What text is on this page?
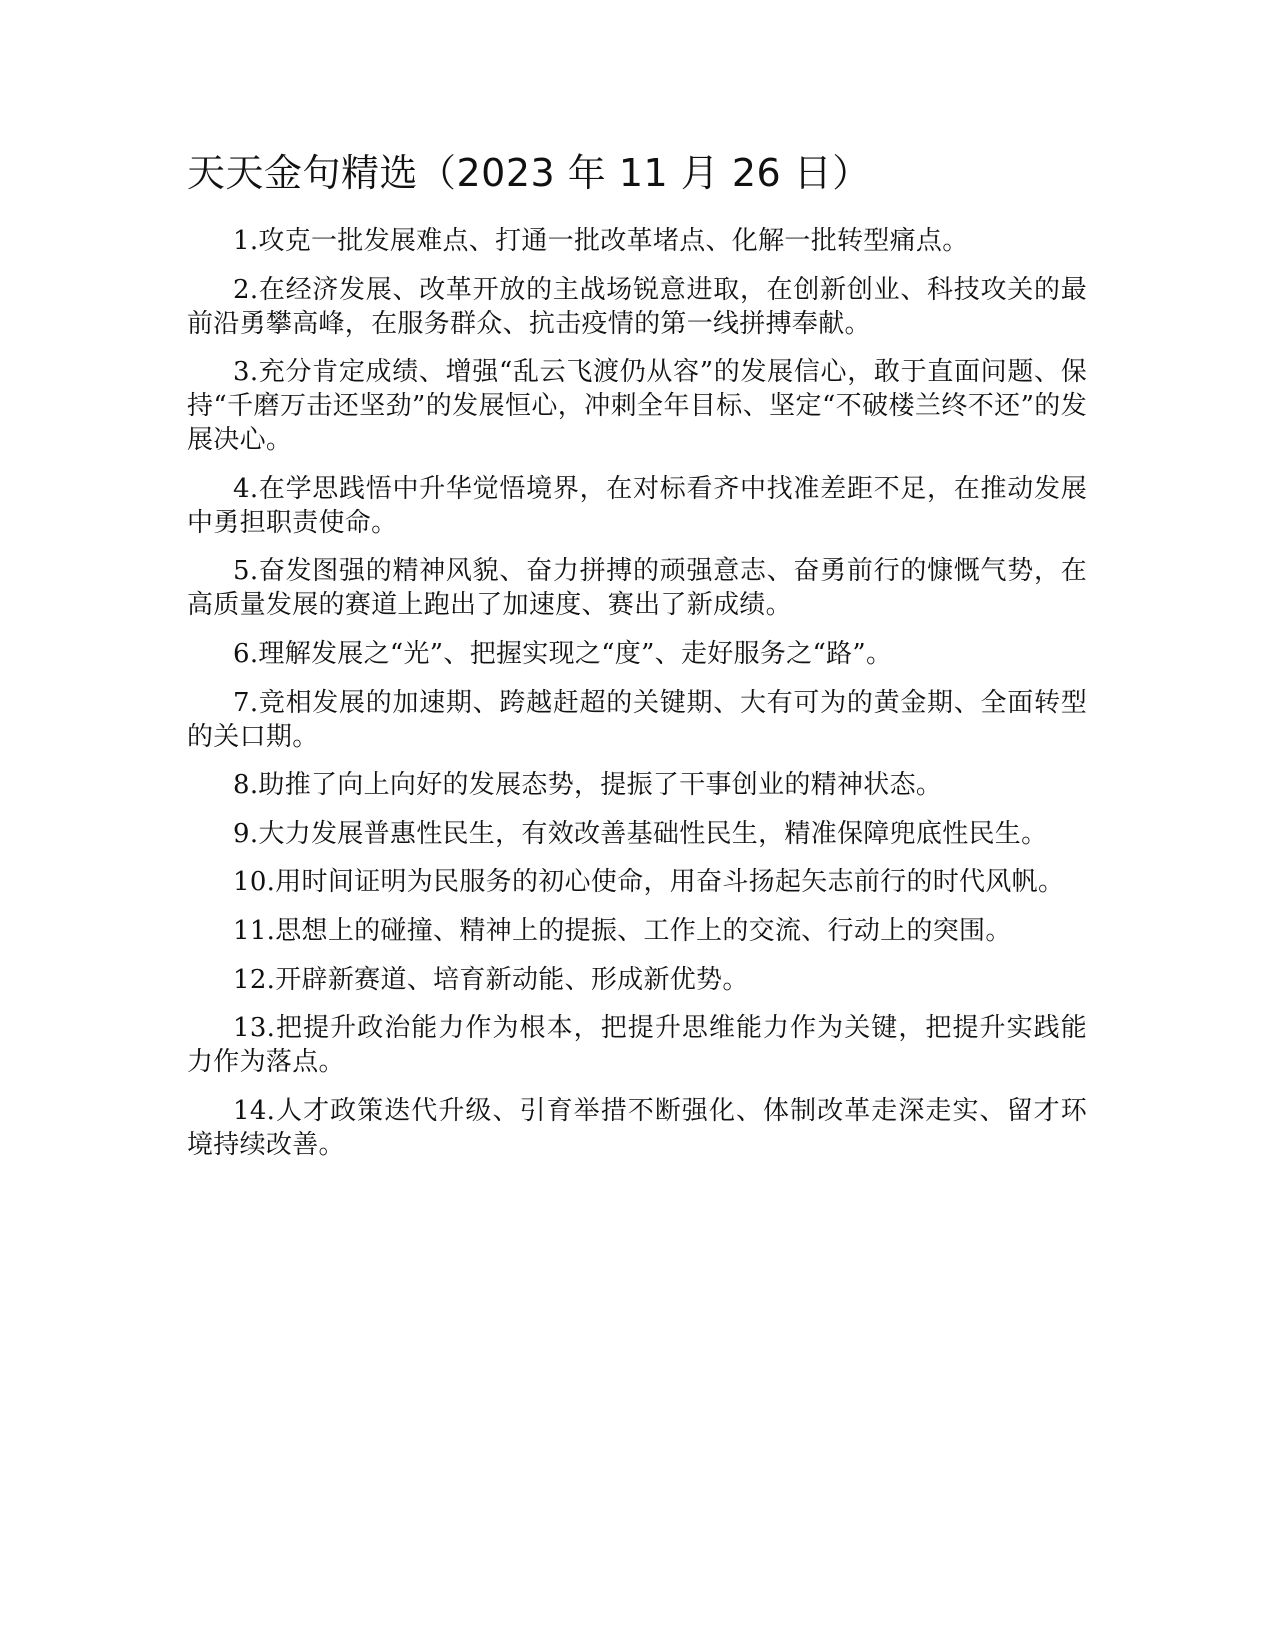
天天金句精选（2023 年 11 月 26 日）
1.攻克一批发展难点、打通一批改革堵点、化解一批转型痛点。
2.在经济发展、改革开放的主战场锐意进取，在创新创业、科技攻关的最前沿勇攀高峰，在服务群众、抗击疫情的第一线拼搏奉献。
3.充分肯定成绩、增强“乱云飞渡仍从容”的发展信心，敢于直面问题、保持“千磨万击还坚劲”的发展恒心，冲刺全年目标、坚定“不破楼兰终不还”的发展决心。
4.在学思践悟中升华觉悟境界，在对标看齐中找准差距不足，在推动发展中勇担职责使命。
5.奋发图强的精神风貌、奋力拼搏的顽强意志、奋勇前行的慷慨气势，在高质量发展的赛道上跑出了加速度、赛出了新成绩。
6.理解发展之“光”、把握实现之“度”、走好服务之“路”。
7.竞相发展的加速期、跨越赶超的关键期、大有可为的黄金期、全面转型的关口期。
8.助推了向上向好的发展态势，提振了干事创业的精神状态。
9.大力发展普惠性民生，有效改善基础性民生，精准保障兜底性民生。
10.用时间证明为民服务的初心使命，用奋斗扬起矢志前行的时代风帆。
11.思想上的碰撞、精神上的提振、工作上的交流、行动上的突围。
12.开辟新赛道、培育新动能、形成新优势。
13.把提升政治能力作为根本，把提升思维能力作为关键，把提升实践能力作为落点。
14.人才政策迭代升级、引育举措不断强化、体制改革走深走实、留才环境持续改善。
